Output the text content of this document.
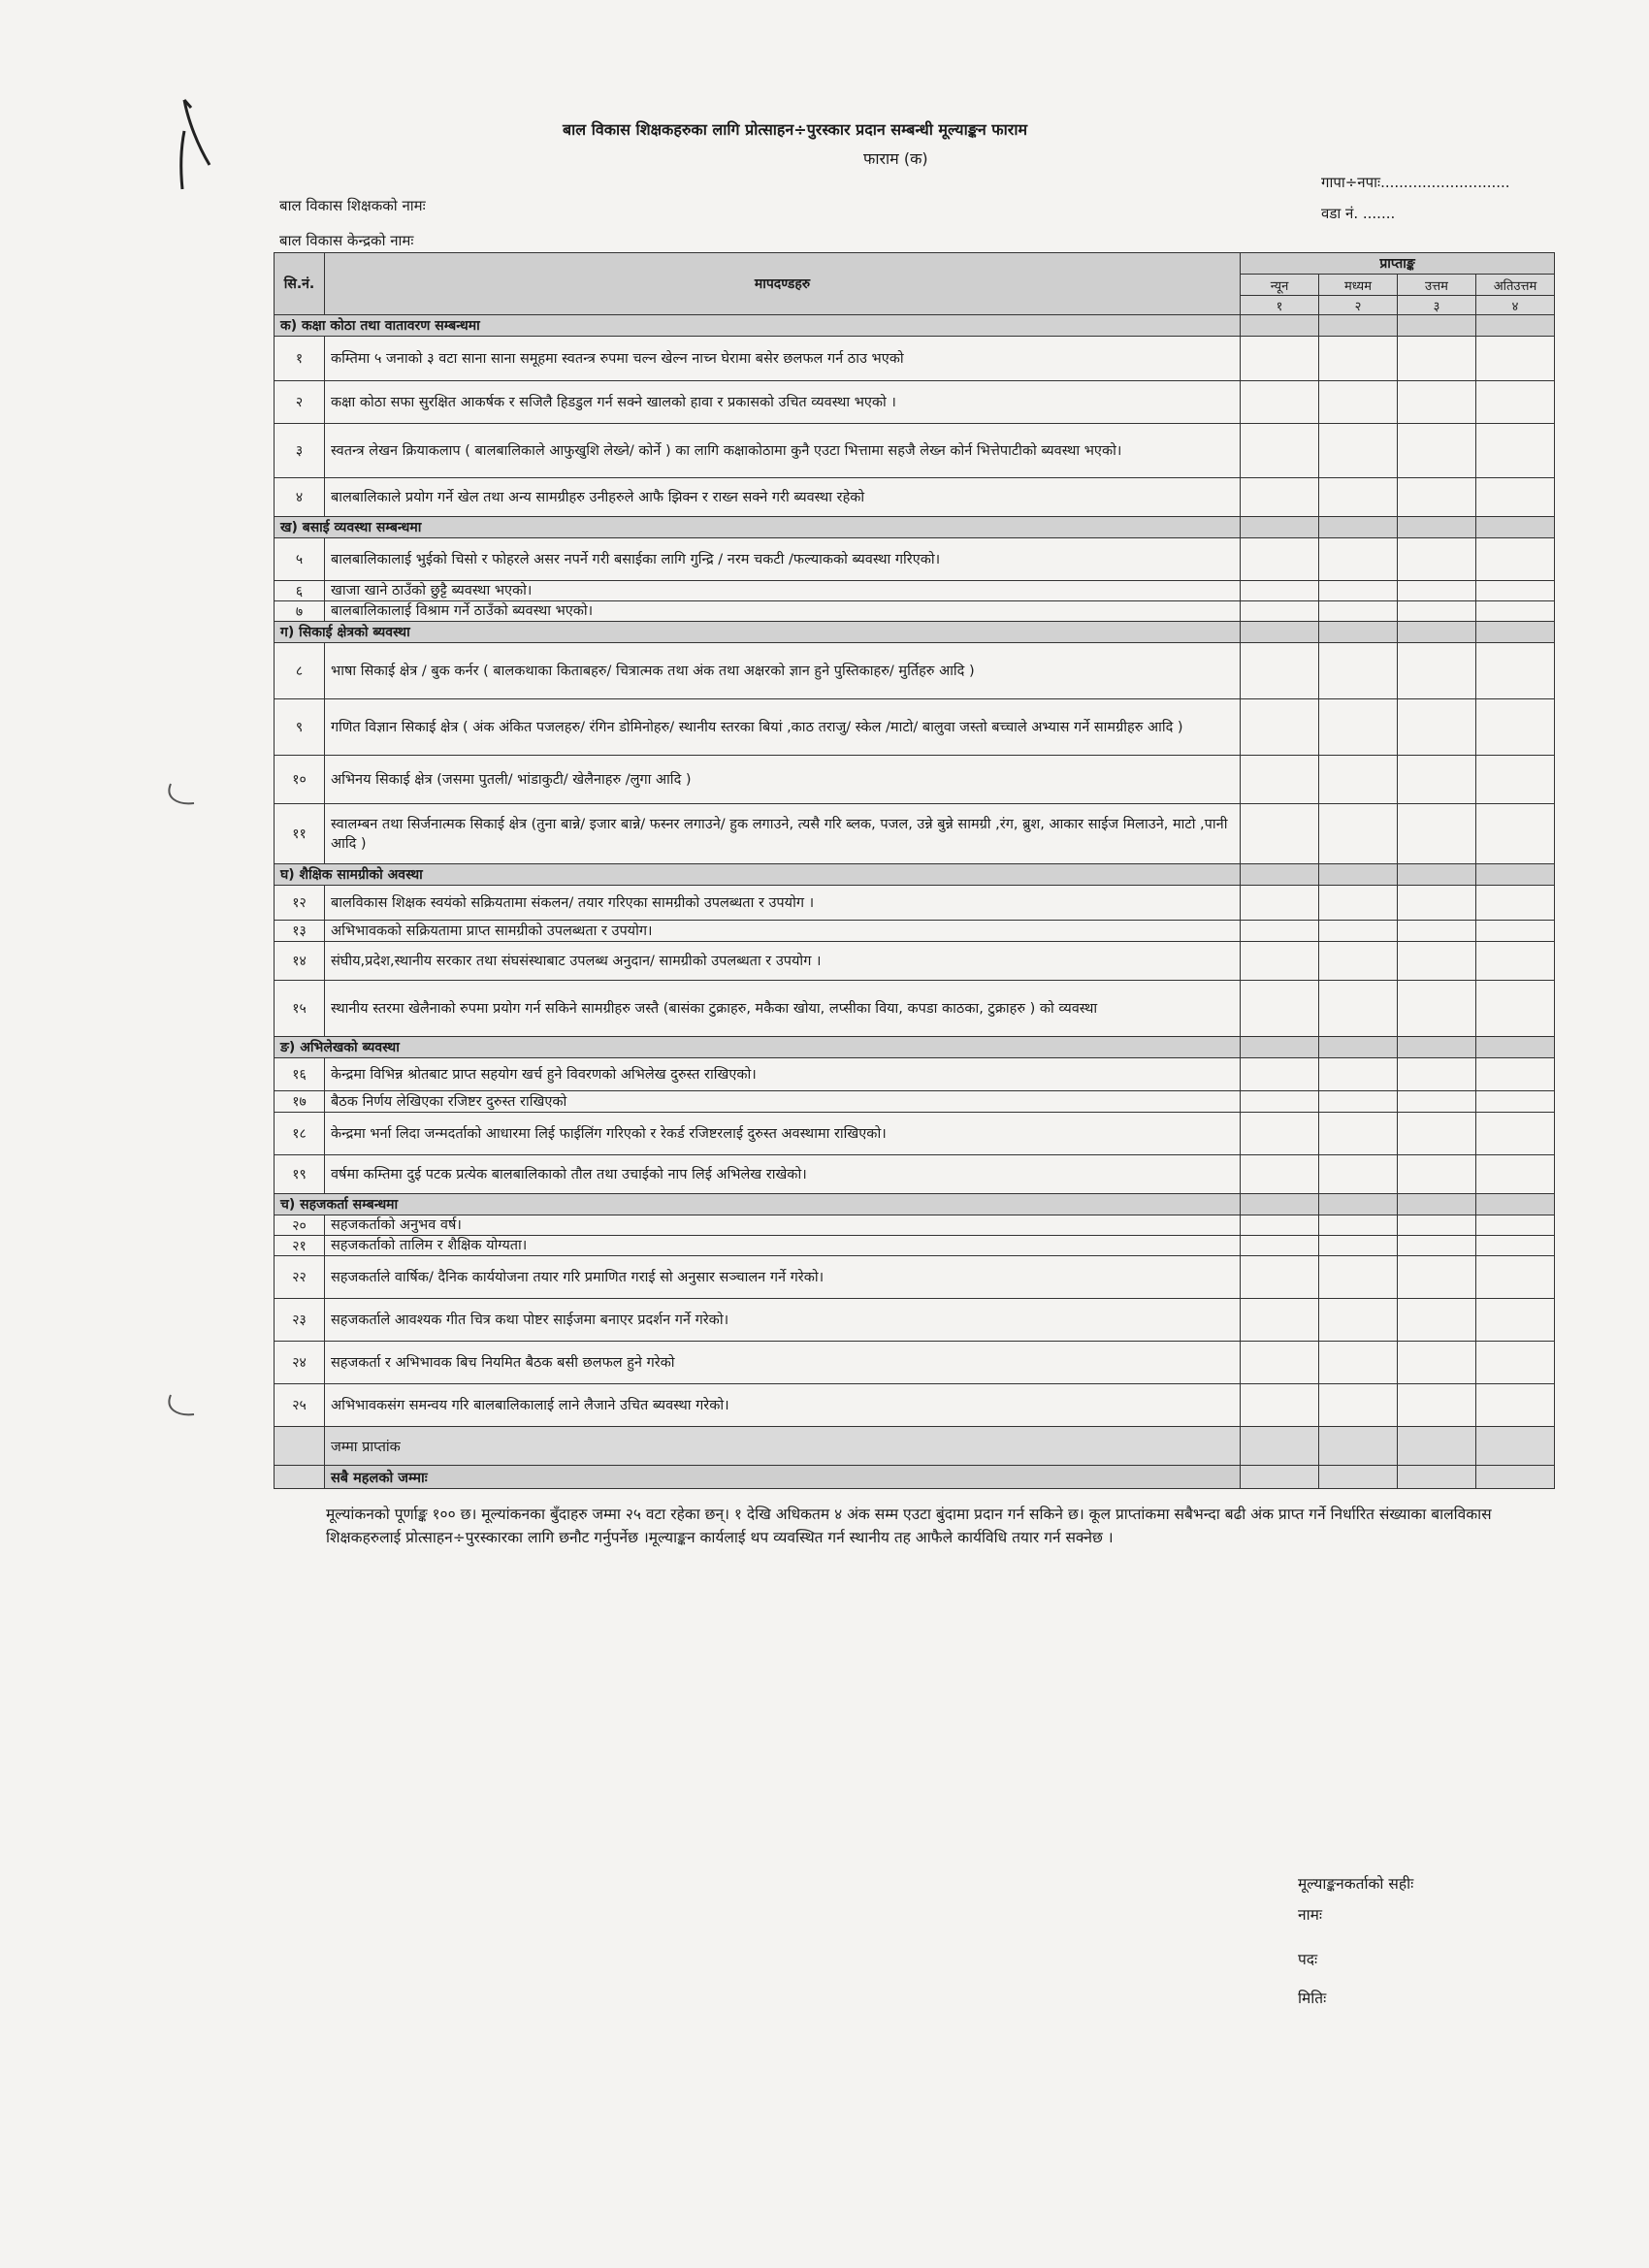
बाल विकास शिक्षकहरुका लागि प्रोत्साहन÷पुरस्कार प्रदान सम्बन्धी मूल्याङ्कन फाराम
फाराम (क)
गापा÷नपाः............................
बाल विकास शिक्षकको नामः	वडा नं. .......
बाल विकास केन्द्रको नामः
सि.नं.	मापदण्डहरु	प्राप्ताङ्क			
		न्यून	मध्यम	उत्तम	अतिउत्तम
		१	२	३	४
क) कक्षा कोठा तथा वातावरण सम्बन्धमा					
१	कम्तिमा ५ जनाको ३ वटा साना साना समूहमा स्वतन्त्र रुपमा चल्न खेल्न नाच्न घेरामा बसेर छलफल गर्न ठाउ भएको				
२	कक्षा कोठा सफा सुरक्षित आकर्षक र सजिलै हिडडुल गर्न सक्ने खालको हावा र प्रकासको उचित व्यवस्था भएको ।				
३	स्वतन्त्र लेखन क्रियाकलाप ( बालबालिकाले आफुखुशि लेख्ने/ कोर्ने ) का लागि कक्षाकोठामा कुनै एउटा भित्तामा सहजै लेख्न कोर्न भित्तेपाटीको ब्यवस्था भएको।				
४	बालबालिकाले प्रयोग गर्ने खेल तथा अन्य सामग्रीहरु उनीहरुले आफै झिक्न र राख्न सक्ने गरी ब्यवस्था रहेको				
ख) बसाई व्यवस्था सम्बन्धमा					
५	बालबालिकालाई भुईको चिसो र फोहरले असर नपर्ने गरी बसाईका लागि गुन्द्रि / नरम चकटी /फल्याकको ब्यवस्था गरिएको।				
६	खाजा खाने ठाउँको छुट्टै ब्यवस्था भएको।				
७	बालबालिकालाई विश्राम गर्ने ठाउँको ब्यवस्था भएको।				
ग) सिकाई क्षेत्रको ब्यवस्था					
८	भाषा सिकाई क्षेत्र / बुक कर्नर ( बालकथाका किताबहरु/ चित्रात्मक तथा अंक तथा अक्षरको ज्ञान हुने पुस्तिकाहरु/ मुर्तिहरु आदि )				
९	गणित विज्ञान सिकाई क्षेत्र ( अंक अंकित पजलहरु/ रंगिन डोमिनोहरु/ स्थानीय स्तरका बियां ,काठ तराजु/ स्केल /माटो/ बालुवा जस्तो बच्चाले अभ्यास गर्ने सामग्रीहरु आदि )				
१०	अभिनय सिकाई क्षेत्र (जसमा पुतली/ भांडाकुटी/ खेलैनाहरु /लुगा आदि )				
११	स्वालम्बन तथा सिर्जनात्मक सिकाई क्षेत्र (तुना बान्ने/ इजार बान्ने/ फस्नर लगाउने/ हुक लगाउने, त्यसै गरि ब्लक, पजल, उन्ने बुन्ने सामग्री ,रंग, ब्रुश, आकार साईज मिलाउने, माटो ,पानी आदि )				
घ) शैक्षिक सामग्रीको अवस्था					
१२	बालविकास शिक्षक स्वयंको सक्रियतामा संकलन/ तयार गरिएका सामग्रीको उपलब्धता र उपयोग ।				
१३	अभिभावकको सक्रियतामा प्राप्त सामग्रीको उपलब्धता र उपयोग।				
१४	संघीय,प्रदेश,स्थानीय सरकार तथा संघसंस्थाबाट उपलब्ध अनुदान/ सामग्रीको उपलब्धता र उपयोग ।				
१५	स्थानीय स्तरमा खेलैनाको रुपमा प्रयोग गर्न सकिने सामग्रीहरु जस्तै (बासंका टुक्राहरु, मकैका खोया, लप्सीका विया, कपडा काठका, टुक्राहरु ) को व्यवस्था				
ङ) अभिलेखको ब्यवस्था					
१६	केन्द्रमा विभिन्न श्रोतबाट प्राप्त सहयोग खर्च हुने विवरणको अभिलेख दुरुस्त राखिएको।				
१७	बैठक निर्णय लेखिएका रजिष्टर दुरुस्त राखिएको				
१८	केन्द्रमा भर्ना लिदा जन्मदर्ताको आधारमा लिई फाईलिंग गरिएको र रेकर्ड रजिष्टरलाई दुरुस्त अवस्थामा राखिएको।				
१९	वर्षमा कम्तिमा दुई पटक प्रत्येक बालबालिकाको तौल तथा उचाईको नाप लिई अभिलेख राखेको।				
च) सहजकर्ता सम्बन्धमा					
२०	सहजकर्ताको अनुभव वर्ष।				
२१	सहजकर्ताको तालिम र शैक्षिक योग्यता।				
२२	सहजकर्ताले वार्षिक/ दैनिक कार्ययोजना तयार गरि प्रमाणित गराई सो अनुसार सञ्चालन गर्ने गरेको।				
२३	सहजकर्ताले आवश्यक गीत चित्र कथा पोष्टर साईजमा बनाएर प्रदर्शन गर्ने गरेको।				
२४	सहजकर्ता र अभिभावक बिच नियमित बैठक बसी छलफल हुने गरेको				
२५	अभिभावकसंग समन्वय गरि बालबालिकालाई लाने लैजाने उचित ब्यवस्था गरेको।				
	जम्मा प्राप्तांक				
	सबै महलको जम्माः				
मूल्यांकनको पूर्णाङ्क १०० छ। मूल्यांकनका बुँदाहरु जम्मा २५ वटा रहेका छन्। १ देखि अधिकतम ४ अंक सम्म एउटा बुंदामा प्रदान गर्न सकिने छ। कूल प्राप्तांकमा सबैभन्दा बढी अंक प्राप्त गर्ने निर्धारित संख्याका बालविकास शिक्षकहरुलाई प्रोत्साहन÷पुरस्कारका लागि छनौट गर्नुपर्नेछ ।मूल्याङ्कन कार्यलाई थप व्यवस्थित गर्न स्थानीय तह आफैले कार्यविधि तयार गर्न सक्नेछ ।
मूल्याङ्कनकर्ताको सहीः
नामः
पदः
मितिः
